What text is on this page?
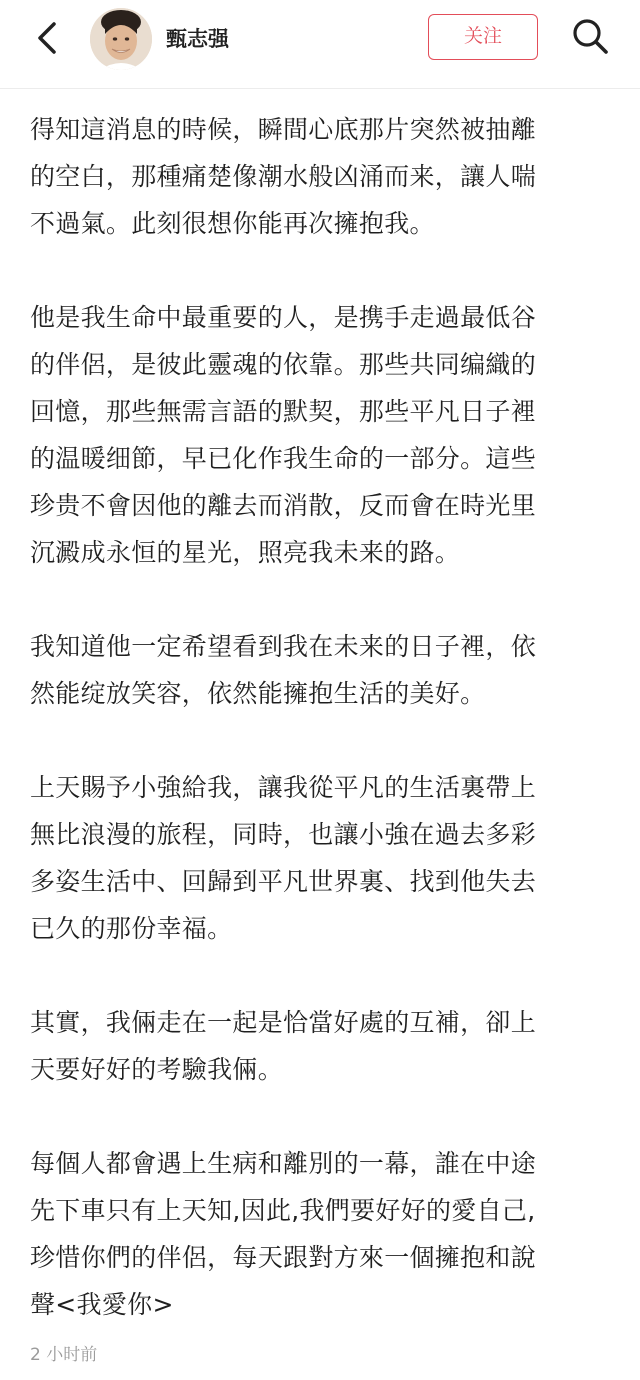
甄志强	关注

得知這消息的時候，瞬間心底那片突然被抽離
的空白，那種痛楚像潮水般凶涌而来，讓人喘
不過氣。此刻很想你能再次擁抱我。

他是我生命中最重要的人，是携手走過最低谷
的伴侶，是彼此靈魂的依靠。那些共同编織的
回憶，那些無需言語的默契，那些平凡日子裡
的温暖细節，早已化作我生命的一部分。這些
珍贵不會因他的離去而消散，反而會在時光里
沉澱成永恒的星光，照亮我未来的路。

我知道他一定希望看到我在未来的日子裡，依
然能绽放笑容，依然能擁抱生活的美好。

上天賜予小強給我，讓我從平凡的生活裏帶上
無比浪漫的旅程，同時，也讓小強在過去多彩
多姿生活中、回歸到平凡世界裏、找到他失去
已久的那份幸福。

其實，我倆走在一起是恰當好處的互補，卻上
天要好好的考驗我倆。

每個人都會遇上生病和離別的一幕，誰在中途
先下車只有上天知,因此,我們要好好的愛自己,
珍惜你們的伴侶，每天跟對方來一個擁抱和說
聲<我愛你>

2 小时前
